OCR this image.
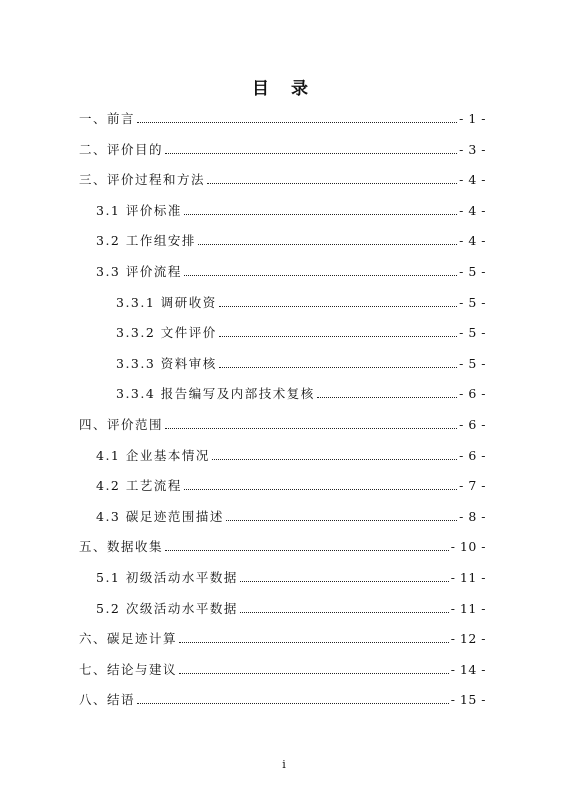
目 录
一、前言	- 1 -
二、评价目的	- 3 -
三、评价过程和方法	- 4 -
3.1 评价标准	- 4 -
3.2 工作组安排	- 4 -
3.3 评价流程	- 5 -
3.3.1 调研收资	- 5 -
3.3.2 文件评价	- 5 -
3.3.3 资料审核	- 5 -
3.3.4 报告编写及内部技术复核	- 6 -
四、评价范围	- 6 -
4.1 企业基本情况	- 6 -
4.2 工艺流程	- 7 -
4.3 碳足迹范围描述	- 8 -
五、数据收集	- 10 -
5.1 初级活动水平数据	- 11 -
5.2 次级活动水平数据	- 11 -
六、碳足迹计算	- 12 -
七、结论与建议	- 14 -
八、结语	- 15 -
i
